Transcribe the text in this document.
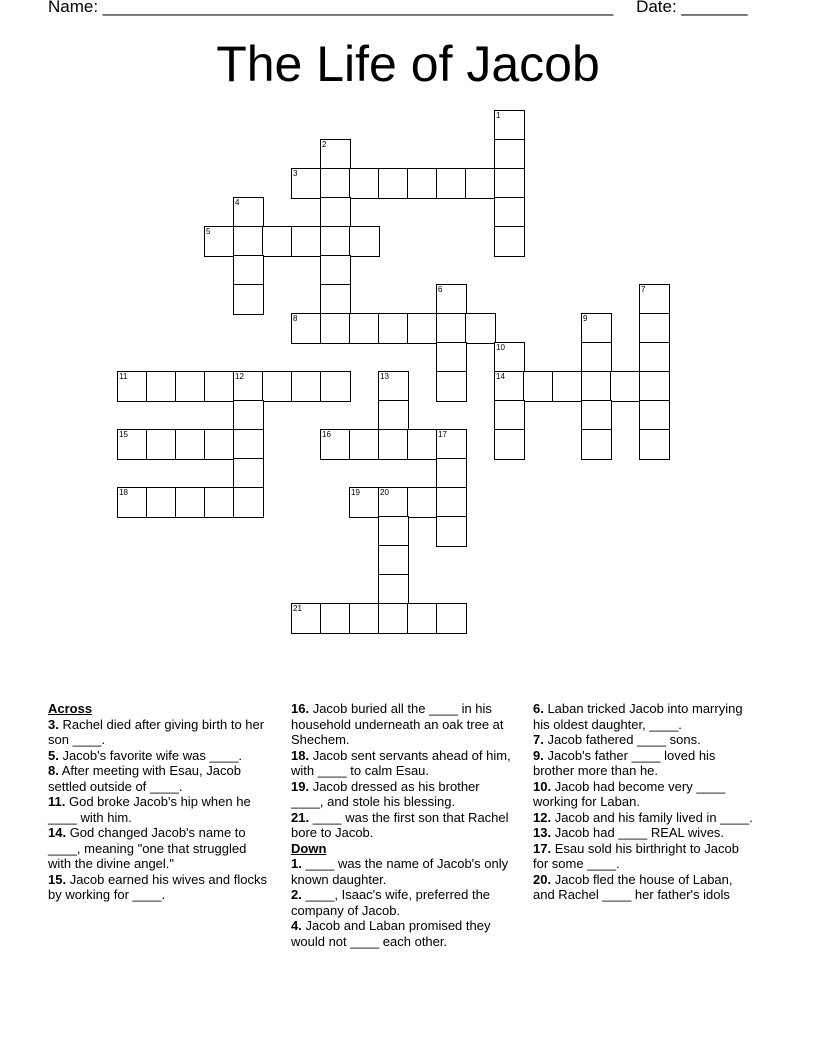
Name: ______________________________________________________ Date: _______
The Life of Jacob
1
2
3
4
5
6	7
8	9
10
11	12	13	14
15	16	17
18	19	20
21
Across
3. Rachel died after giving birth to her son ____.
5. Jacob's favorite wife was ____.
8. After meeting with Esau, Jacob settled outside of ____.
11. God broke Jacob's hip when he ____ with him.
14. God changed Jacob's name to ____, meaning "one that struggled with the divine angel."
15. Jacob earned his wives and flocks by working for ____.
16. Jacob buried all the ____ in his household underneath an oak tree at Shechem.
18. Jacob sent servants ahead of him, with ____ to calm Esau.
19. Jacob dressed as his brother ____, and stole his blessing.
21. ____ was the first son that Rachel bore to Jacob.
Down
1. ____ was the name of Jacob's only known daughter.
2. ____, Isaac's wife, preferred the company of Jacob.
4. Jacob and Laban promised they would not ____ each other.
6. Laban tricked Jacob into marrying his oldest daughter, ____.
7. Jacob fathered ____ sons.
9. Jacob's father ____ loved his brother more than he.
10. Jacob had become very ____ working for Laban.
12. Jacob and his family lived in ____.
13. Jacob had ____ REAL wives.
17. Esau sold his birthright to Jacob for some ____.
20. Jacob fled the house of Laban, and Rachel ____ her father's idols
